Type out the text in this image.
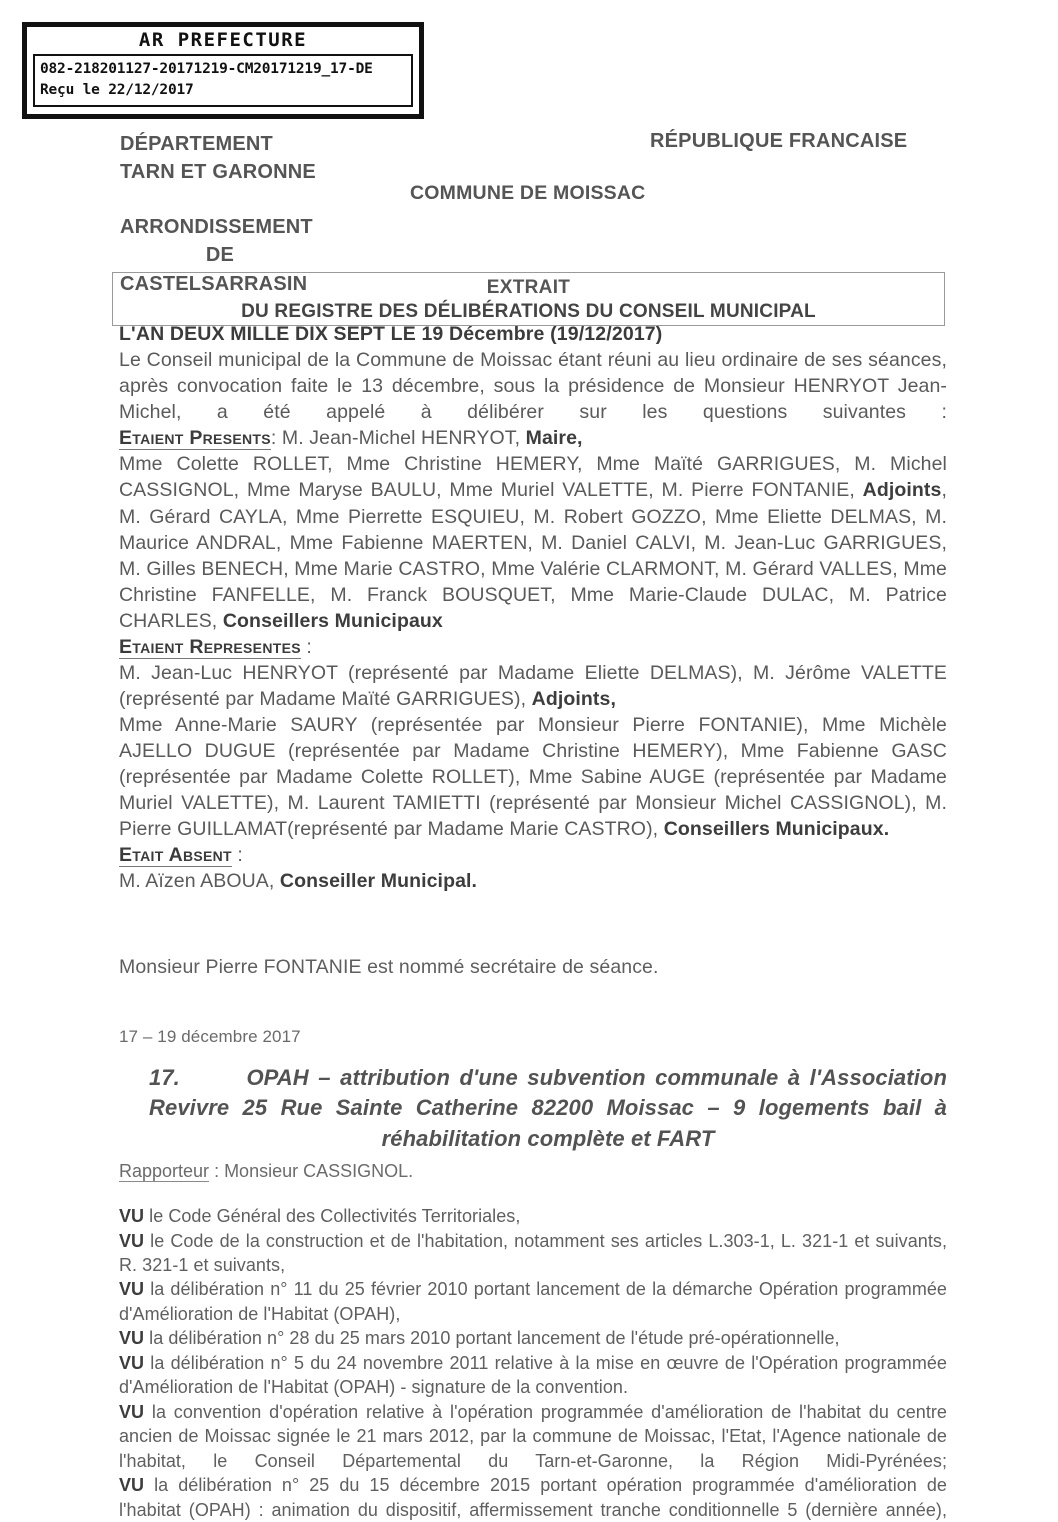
AR PREFECTURE
082-218201127-20171219-CM20171219_17-DE
Reçu le 22/12/2017
DÉPARTEMENT
TARN ET GARONNE
ARRONDISSEMENT
DE
CASTELSARRASIN
RÉPUBLIQUE FRANCAISE
COMMUNE DE MOISSAC
EXTRAIT
DU REGISTRE DES DÉLIBÉRATIONS DU CONSEIL MUNICIPAL
L'AN DEUX MILLE DIX SEPT LE 19 Décembre (19/12/2017)
Le Conseil municipal de la Commune de Moissac étant réuni au lieu ordinaire de ses séances, après convocation faite le 13 décembre, sous la présidence de Monsieur HENRYOT Jean-Michel, a été appelé à délibérer sur les questions suivantes :
Etaient Presents: M. Jean-Michel HENRYOT, Maire,
Mme Colette ROLLET, Mme Christine HEMERY, Mme Maïté GARRIGUES, M. Michel CASSIGNOL, Mme Maryse BAULU, Mme Muriel VALETTE, M. Pierre FONTANIE, Adjoints,
M. Gérard CAYLA, Mme Pierrette ESQUIEU, M. Robert GOZZO, Mme Eliette DELMAS, M. Maurice ANDRAL, Mme Fabienne MAERTEN, M. Daniel CALVI, M. Jean-Luc GARRIGUES, M. Gilles BENECH, Mme Marie CASTRO, Mme Valérie CLARMONT, M. Gérard VALLES, Mme Christine FANFELLE, M. Franck BOUSQUET, Mme Marie-Claude DULAC, M. Patrice CHARLES, Conseillers Municipaux
Etaient Representes :
M. Jean-Luc HENRYOT (représenté par Madame Eliette DELMAS), M. Jérôme VALETTE (représenté par Madame Maïté GARRIGUES), Adjoints,
Mme Anne-Marie SAURY (représentée par Monsieur Pierre FONTANIE), Mme Michèle AJELLO DUGUE (représentée par Madame Christine HEMERY), Mme Fabienne GASC (représentée par Madame Colette ROLLET), Mme Sabine AUGE (représentée par Madame Muriel VALETTE), M. Laurent TAMIETTI (représenté par Monsieur Michel CASSIGNOL), M. Pierre GUILLAMAT(représenté par Madame Marie CASTRO), Conseillers Municipaux.
Etait Absent :
M. Aïzen ABOUA, Conseiller Municipal.
Monsieur Pierre FONTANIE est nommé secrétaire de séance.
17 – 19 décembre 2017
17.	OPAH – attribution d'une subvention communale à l'Association Revivre 25 Rue Sainte Catherine 82200 Moissac – 9 logements bail à réhabilitation complète et FART
Rapporteur : Monsieur CASSIGNOL.
VU le Code Général des Collectivités Territoriales,
VU le Code de la construction et de l'habitation, notamment ses articles L.303-1, L. 321-1 et suivants, R. 321-1 et suivants,
VU la délibération n° 11 du 25 février 2010 portant lancement de la démarche Opération programmée d'Amélioration de l'Habitat (OPAH),
VU la délibération n° 28 du 25 mars 2010 portant lancement de l'étude pré-opérationnelle,
VU la délibération n° 5 du 24 novembre 2011 relative à la mise en œuvre de l'Opération programmée d'Amélioration de l'Habitat (OPAH) - signature de la convention.
VU la convention d'opération relative à l'opération programmée d'amélioration de l'habitat du centre ancien de Moissac signée le 21 mars 2012, par la commune de Moissac, l'Etat, l'Agence nationale de l'habitat, le Conseil Départemental du Tarn-et-Garonne, la Région Midi-Pyrénées;
VU la délibération n° 25 du 15 décembre 2015 portant opération programmée d'amélioration de l'habitat (OPAH) : animation du dispositif, affermissement tranche conditionnelle 5 (dernière année),
